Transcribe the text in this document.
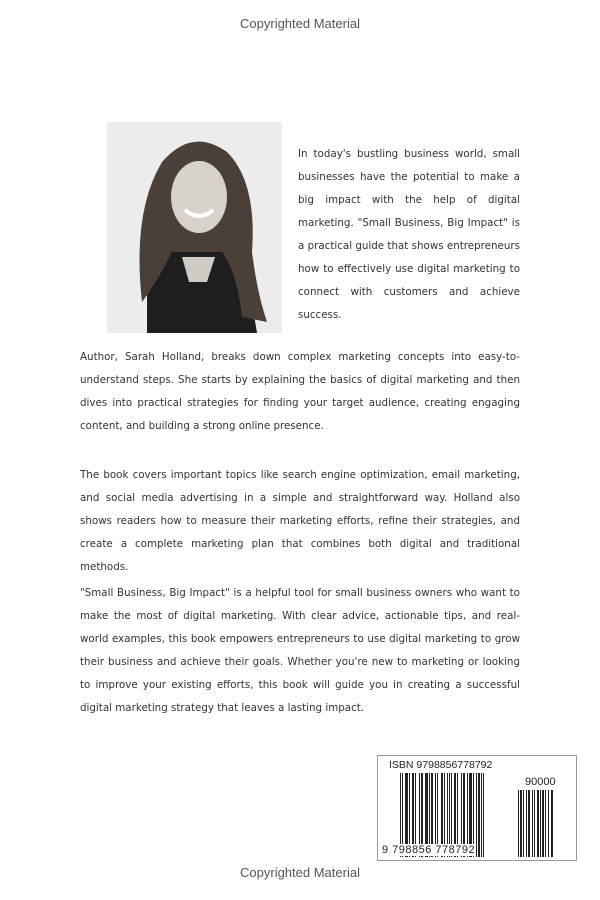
Copyrighted Material
In today's bustling business world, small businesses have the potential to make a big impact with the help of digital marketing. "Small Business, Big Impact" is a practical guide that shows entrepreneurs how to effectively use digital marketing to connect with customers and achieve success.
Author, Sarah Holland, breaks down complex marketing concepts into easy-to-understand steps. She starts by explaining the basics of digital marketing and then dives into practical strategies for finding your target audience, creating engaging content, and building a strong online presence.
The book covers important topics like search engine optimization, email marketing, and social media advertising in a simple and straightforward way. Holland also shows readers how to measure their marketing efforts, refine their strategies, and create a complete marketing plan that combines both digital and traditional methods.
"Small Business, Big Impact" is a helpful tool for small business owners who want to make the most of digital marketing. With clear advice, actionable tips, and real-world examples, this book empowers entrepreneurs to use digital marketing to grow their business and achieve their goals. Whether you're new to marketing or looking to improve your existing efforts, this book will guide you in creating a successful digital marketing strategy that leaves a lasting impact.
ISBN 9798856778792
90000
9 798856 778792
Copyrighted Material
